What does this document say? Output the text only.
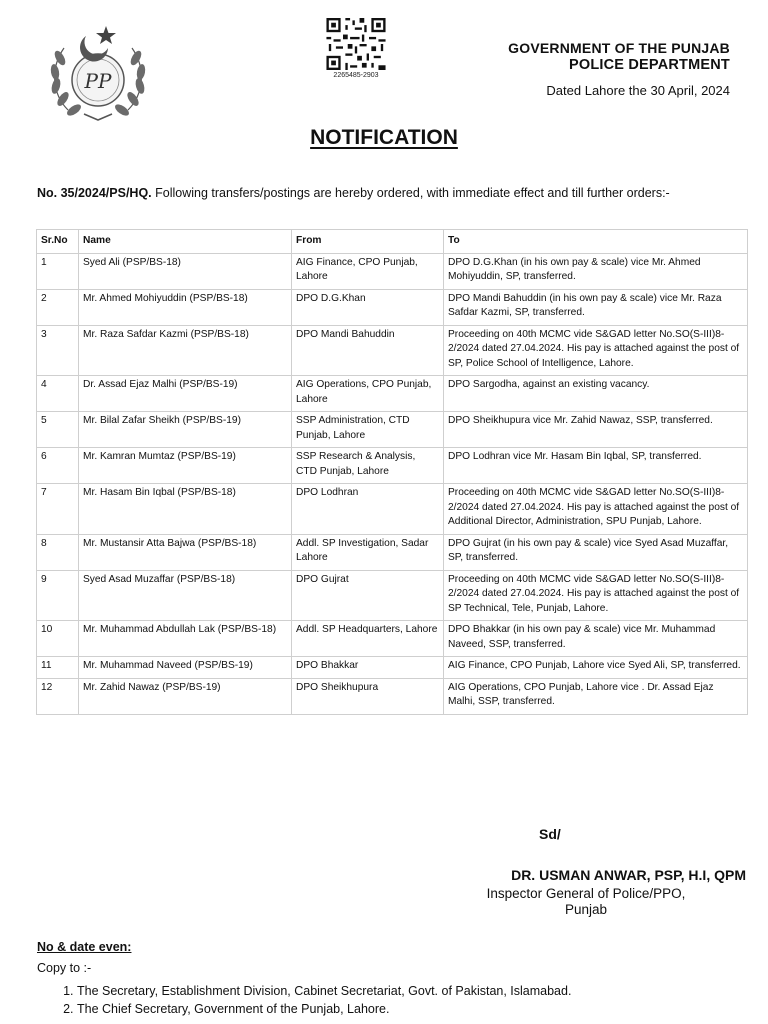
PP	2265485-2903
GOVERNMENT OF THE PUNJAB
POLICE DEPARTMENT
Dated Lahore the 30 April, 2024
NOTIFICATION
No. 35/2024/PS/HQ. Following transfers/postings are hereby ordered, with immediate effect and till further orders:-
Sr.No	Name	From	To
1	Syed Ali (PSP/BS-18)	AIG Finance, CPO Punjab, Lahore	DPO D.G.Khan (in his own pay & scale) vice Mr. Ahmed Mohiyuddin, SP, transferred.
2	Mr. Ahmed Mohiyuddin (PSP/BS-18)	DPO D.G.Khan	DPO Mandi Bahuddin (in his own pay & scale) vice Mr. Raza Safdar Kazmi, SP, transferred.
3	Mr. Raza Safdar Kazmi (PSP/BS-18)	DPO Mandi Bahuddin	Proceeding on 40th MCMC vide S&GAD letter No.SO(S-III)8-2/2024 dated 27.04.2024. His pay is attached against the post of SP, Police School of Intelligence, Lahore.
4	Dr. Assad Ejaz Malhi (PSP/BS-19)	AIG Operations, CPO Punjab, Lahore	DPO Sargodha, against an existing vacancy.
5	Mr. Bilal Zafar Sheikh (PSP/BS-19)	SSP Administration, CTD Punjab, Lahore	DPO Sheikhupura vice Mr. Zahid Nawaz, SSP, transferred.
6	Mr. Kamran Mumtaz (PSP/BS-19)	SSP Research & Analysis, CTD Punjab, Lahore	DPO Lodhran vice Mr. Hasam Bin Iqbal, SP, transferred.
7	Mr. Hasam Bin Iqbal (PSP/BS-18)	DPO Lodhran	Proceeding on 40th MCMC vide S&GAD letter No.SO(S-III)8-2/2024 dated 27.04.2024. His pay is attached against the post of Additional Director, Administration, SPU Punjab, Lahore.
8	Mr. Mustansir Atta Bajwa (PSP/BS-18)	Addl. SP Investigation, Sadar Lahore	DPO Gujrat (in his own pay & scale) vice Syed Asad Muzaffar, SP, transferred.
9	Syed Asad Muzaffar (PSP/BS-18)	DPO Gujrat	Proceeding on 40th MCMC vide S&GAD letter No.SO(S-III)8-2/2024 dated 27.04.2024. His pay is attached against the post of SP Technical, Tele, Punjab, Lahore.
10	Mr. Muhammad Abdullah Lak (PSP/BS-18)	Addl. SP Headquarters, Lahore	DPO Bhakkar (in his own pay & scale) vice Mr. Muhammad Naveed, SSP, transferred.
11	Mr. Muhammad Naveed (PSP/BS-19)	DPO Bhakkar	AIG Finance, CPO Punjab, Lahore vice Syed Ali, SP, transferred.
12	Mr. Zahid Nawaz (PSP/BS-19)	DPO Sheikhupura	AIG Operations, CPO Punjab, Lahore vice . Dr. Assad Ejaz Malhi, SSP, transferred.
Sd/
DR. USMAN ANWAR, PSP, H.I, QPM
Inspector General of Police/PPO,
Punjab
No & date even:
Copy to :-
1. The Secretary, Establishment Division, Cabinet Secretariat, Govt. of Pakistan, Islamabad.
2. The Chief Secretary, Government of the Punjab, Lahore.
